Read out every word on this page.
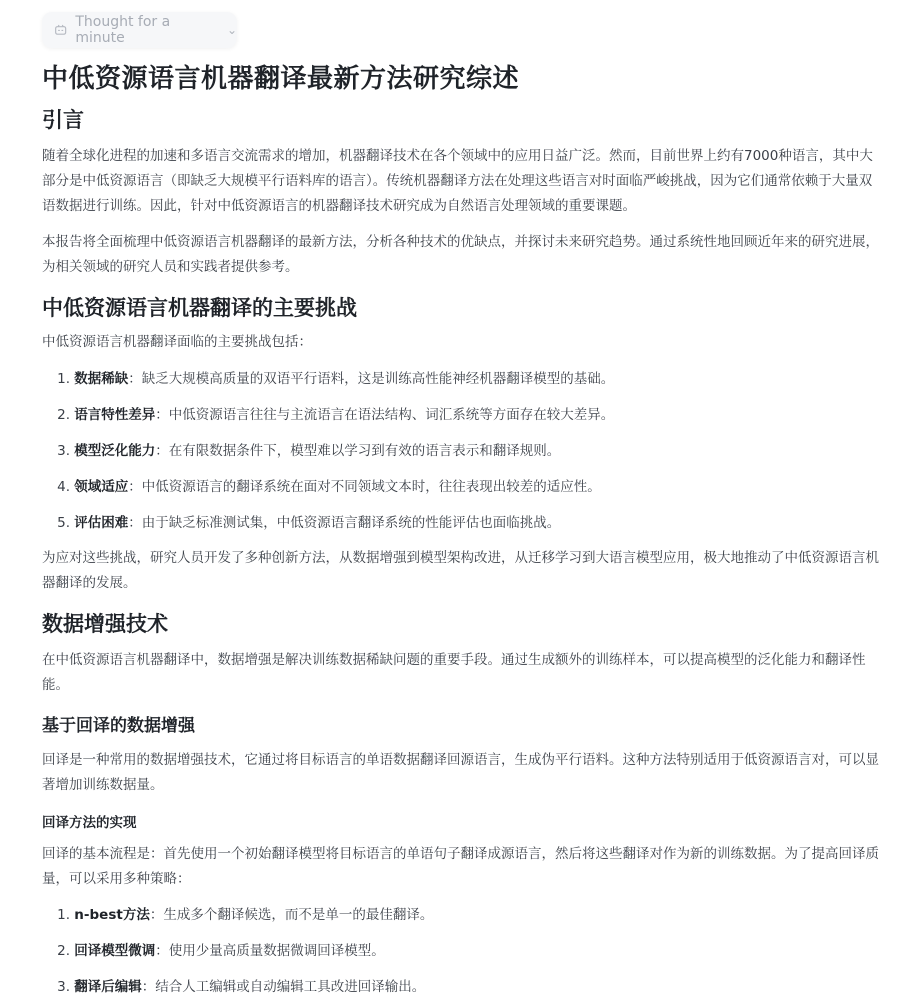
Thought for a minute	⌄
中低资源语言机器翻译最新方法研究综述
引言

随着全球化进程的加速和多语言交流需求的增加，机器翻译技术在各个领域中的应用日益广泛。然而，目前世界上约有7000种语言，其中大部分是中低资源语言（即缺乏大规模平行语料库的语言）。传统机器翻译方法在处理这些语言对时面临严峻挑战，因为它们通常依赖于大量双语数据进行训练。因此，针对中低资源语言的机器翻译技术研究成为自然语言处理领域的重要课题。

本报告将全面梳理中低资源语言机器翻译的最新方法，分析各种技术的优缺点，并探讨未来研究趋势。通过系统性地回顾近年来的研究进展，为相关领域的研究人员和实践者提供参考。

中低资源语言机器翻译的主要挑战

中低资源语言机器翻译面临的主要挑战包括：

1. 数据稀缺：缺乏大规模高质量的双语平行语料，这是训练高性能神经机器翻译模型的基础。
2. 语言特性差异：中低资源语言往往与主流语言在语法结构、词汇系统等方面存在较大差异。
3. 模型泛化能力：在有限数据条件下，模型难以学习到有效的语言表示和翻译规则。
4. 领域适应：中低资源语言的翻译系统在面对不同领域文本时，往往表现出较差的适应性。
5. 评估困难：由于缺乏标准测试集，中低资源语言翻译系统的性能评估也面临挑战。

为应对这些挑战，研究人员开发了多种创新方法，从数据增强到模型架构改进，从迁移学习到大语言模型应用，极大地推动了中低资源语言机器翻译的发展。

数据增强技术

在中低资源语言机器翻译中，数据增强是解决训练数据稀缺问题的重要手段。通过生成额外的训练样本，可以提高模型的泛化能力和翻译性能。

基于回译的数据增强

回译是一种常用的数据增强技术，它通过将目标语言的单语数据翻译回源语言，生成伪平行语料。这种方法特别适用于低资源语言对，可以显著增加训练数据量。

回译方法的实现

回译的基本流程是：首先使用一个初始翻译模型将目标语言的单语句子翻译成源语言，然后将这些翻译对作为新的训练数据。为了提高回译质量，可以采用多种策略：

1. n-best方法：生成多个翻译候选，而不是单一的最佳翻译。
2. 回译模型微调：使用少量高质量数据微调回译模型。
3. 翻译后编辑：结合人工编辑或自动编辑工具改进回译输出。
